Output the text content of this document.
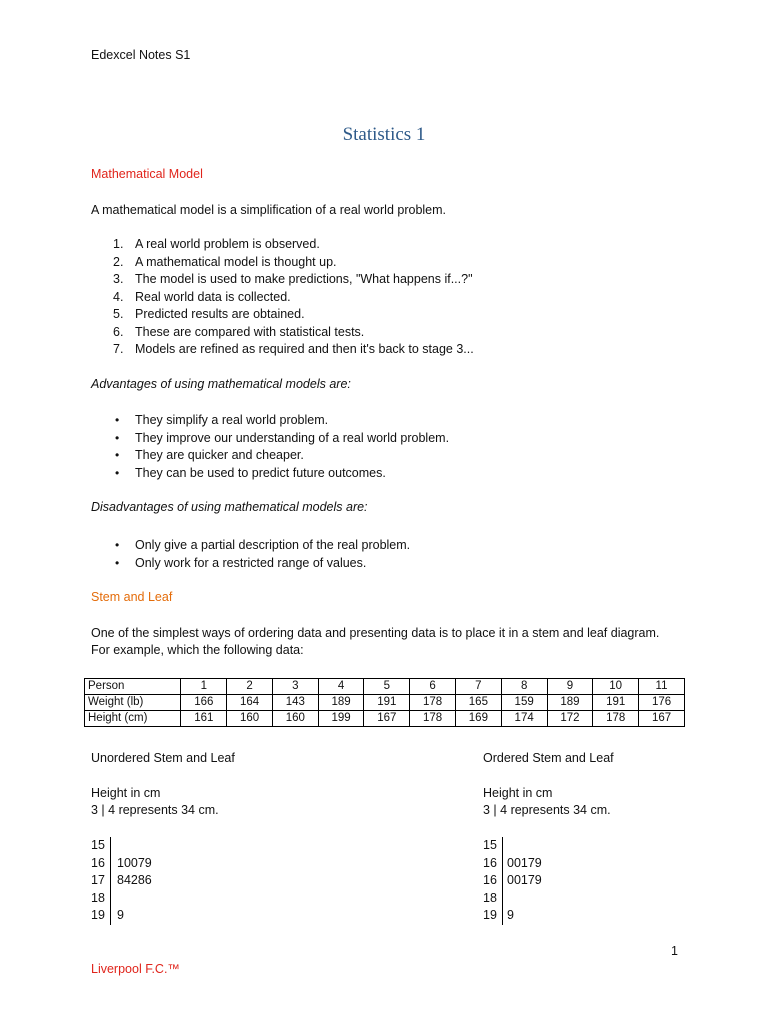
Edexcel Notes S1
Statistics 1
Mathematical Model
A mathematical model is a simplification of a real world problem.
1. A real world problem is observed.
2. A mathematical model is thought up.
3. The model is used to make predictions, "What happens if...?"
4. Real world data is collected.
5. Predicted results are obtained.
6. These are compared with statistical tests.
7. Models are refined as required and then it's back to stage 3...
Advantages of using mathematical models are:
• They simplify a real world problem.
• They improve our understanding of a real world problem.
• They are quicker and cheaper.
• They can be used to predict future outcomes.
Disadvantages of using mathematical models are:
• Only give a partial description of the real problem.
• Only work for a restricted range of values.
Stem and Leaf
One of the simplest ways of ordering data and presenting data is to place it in a stem and leaf diagram.
For example, which the following data:
Person	1	2	3	4	5	6	7	8	9	10	11
Weight (lb)	166	164	143	189	191	178	165	159	189	191	176
Height (cm)	161	160	160	199	167	178	169	174	172	178	167
Unordered Stem and Leaf
Height in cm
3 | 4 represents 34 cm.
15
16 10079
17 84286
18
19 9
Ordered Stem and Leaf
Height in cm
3 | 4 represents 34 cm.
15
16 00179
16 00179
18
19 9
1
Liverpool F.C.™
